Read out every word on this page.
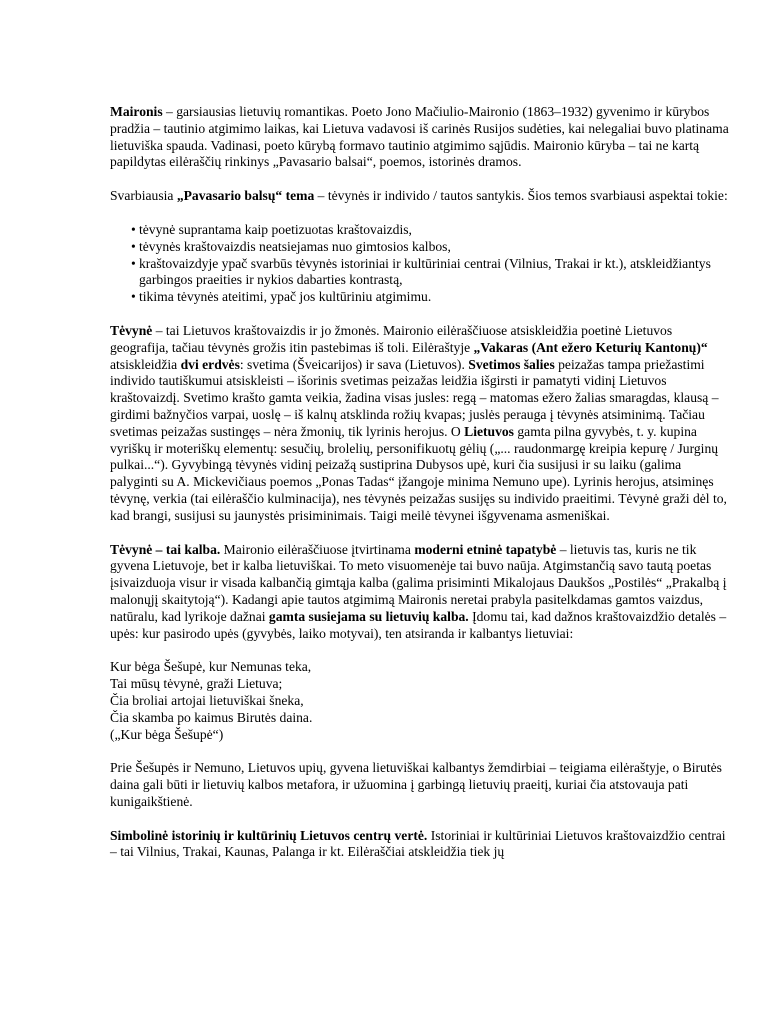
Maironis – garsiausias lietuvių romantikas. Poeto Jono Mačiulio-Maironio (1863–1932) gyvenimo ir kūrybos pradžia – tautinio atgimimo laikas, kai Lietuva vadavosi iš carinės Rusijos sudėties, kai nelegaliai buvo platinama lietuviška spauda. Vadinasi, poeto kūrybą formavo tautinio atgimimo sąjūdis. Maironio kūryba – tai ne kartą papildytas eilėraščių rinkinys „Pavasario balsai“, poemos, istorinės dramos.

Svarbiausia „Pavasario balsų“ tema – tėvynės ir individo / tautos santykis. Šios temos svarbiausi aspektai tokie:

• tėvynė suprantama kaip poetizuotas kraštovaizdis,
• tėvynės kraštovaizdis neatsiejamas nuo gimtosios kalbos,
• kraštovaizdyje ypač svarbūs tėvynės istoriniai ir kultūriniai centrai (Vilnius, Trakai ir kt.), atskleidžiantys garbingos praeities ir nykios dabarties kontrastą,
• tikima tėvynės ateitimi, ypač jos kultūriniu atgimimu.

Tėvynė – tai Lietuvos kraštovaizdis ir jo žmonės. Maironio eilėraščiuose atsiskleidžia poetinė Lietuvos geografija, tačiau tėvynės grožis itin pastebimas iš toli. Eilėraštyje „Vakaras (Ant ežero Keturių Kantonų)“ atsiskleidžia dvi erdvės: svetima (Šveicarijos) ir sava (Lietuvos). Svetimos šalies peizažas tampa priežastimi individo tautiškumui atsiskleisti – išorinis svetimas peizažas leidžia išgirsti ir pamatyti vidinį Lietuvos kraštovaizdį. Svetimo krašto gamta veikia, žadina visas jusles: regą – matomas ežero žalias smaragdas, klausą – girdimi bažnyčios varpai, uoslę – iš kalnų atsklinda rožių kvapas; juslės perauga į tėvynės atsiminimą. Tačiau svetimas peizažas sustingęs – nėra žmonių, tik lyrinis herojus. O Lietuvos gamta pilna gyvybės, t. y. kupina vyriškų ir moteriškų elementų: sesučių, brolelių, personifikuotų gėlių („... raudonmargę kreipia kepurę / Jurginų pulkai...“). Gyvybingą tėvynės vidinį peizažą sustiprina Dubysos upė, kuri čia susijusi ir su laiku (galima palyginti su A. Mickevičiaus poemos „Ponas Tadas“ įžangoje minima Nemuno upe). Lyrinis herojus, atsiminęs tėvynę, verkia (tai eilėraščio kulminacija), nes tėvynės peizažas susijęs su individo praeitimi. Tėvynė graži dėl to, kad brangi, susijusi su jaunystės prisiminimais. Taigi meilė tėvynei išgyvenama asmeniškai.

Tėvynė – tai kalba. Maironio eilėraščiuose įtvirtinama moderni etninė tapatybė – lietuvis tas, kuris ne tik gyvena Lietuvoje, bet ir kalba lietuviškai. To meto visuomenėje tai buvo naūja. Atgimstančią savo tautą poetas įsivaizduoja visur ir visada kalbančią gimtąja kalba (galima prisiminti Mikalojaus Daukšos „Postilės“ „Prakalbą į malonųjį skaitytoją“). Kadangi apie tautos atgimimą Maironis neretai prabyla pasitelkdamas gamtos vaizdus, natūralu, kad lyrikoje dažnai gamta susiejama su lietuvių kalba. Įdomu tai, kad dažnos kraštovaizdžio detalės – upės: kur pasirodo upės (gyvybės, laiko motyvai), ten atsiranda ir kalbantys lietuviai:

Kur bėga Šešupė, kur Nemunas teka,

Tai mūsų tėvynė, graži Lietuva;

Čia broliai artojai lietuviškai šneka,

Čia skamba po kaimus Birutės daina.

(„Kur bėga Šešupė“)

Prie Šešupės ir Nemuno, Lietuvos upių, gyvena lietuviškai kalbantys žemdirbiai – teigiama eilėraštyje, o Birutės daina gali būti ir lietuvių kalbos metafora, ir užuomina į garbingą lietuvių praeitį, kuriai čia atstovauja pati kunigaikštienė.

Simbolinė istorinių ir kultūrinių Lietuvos centrų vertė. Istoriniai ir kultūriniai Lietuvos kraštovaizdžio centrai – tai Vilnius, Trakai, Kaunas, Palanga ir kt. Eilėraščiai atskleidžia tiek jų
